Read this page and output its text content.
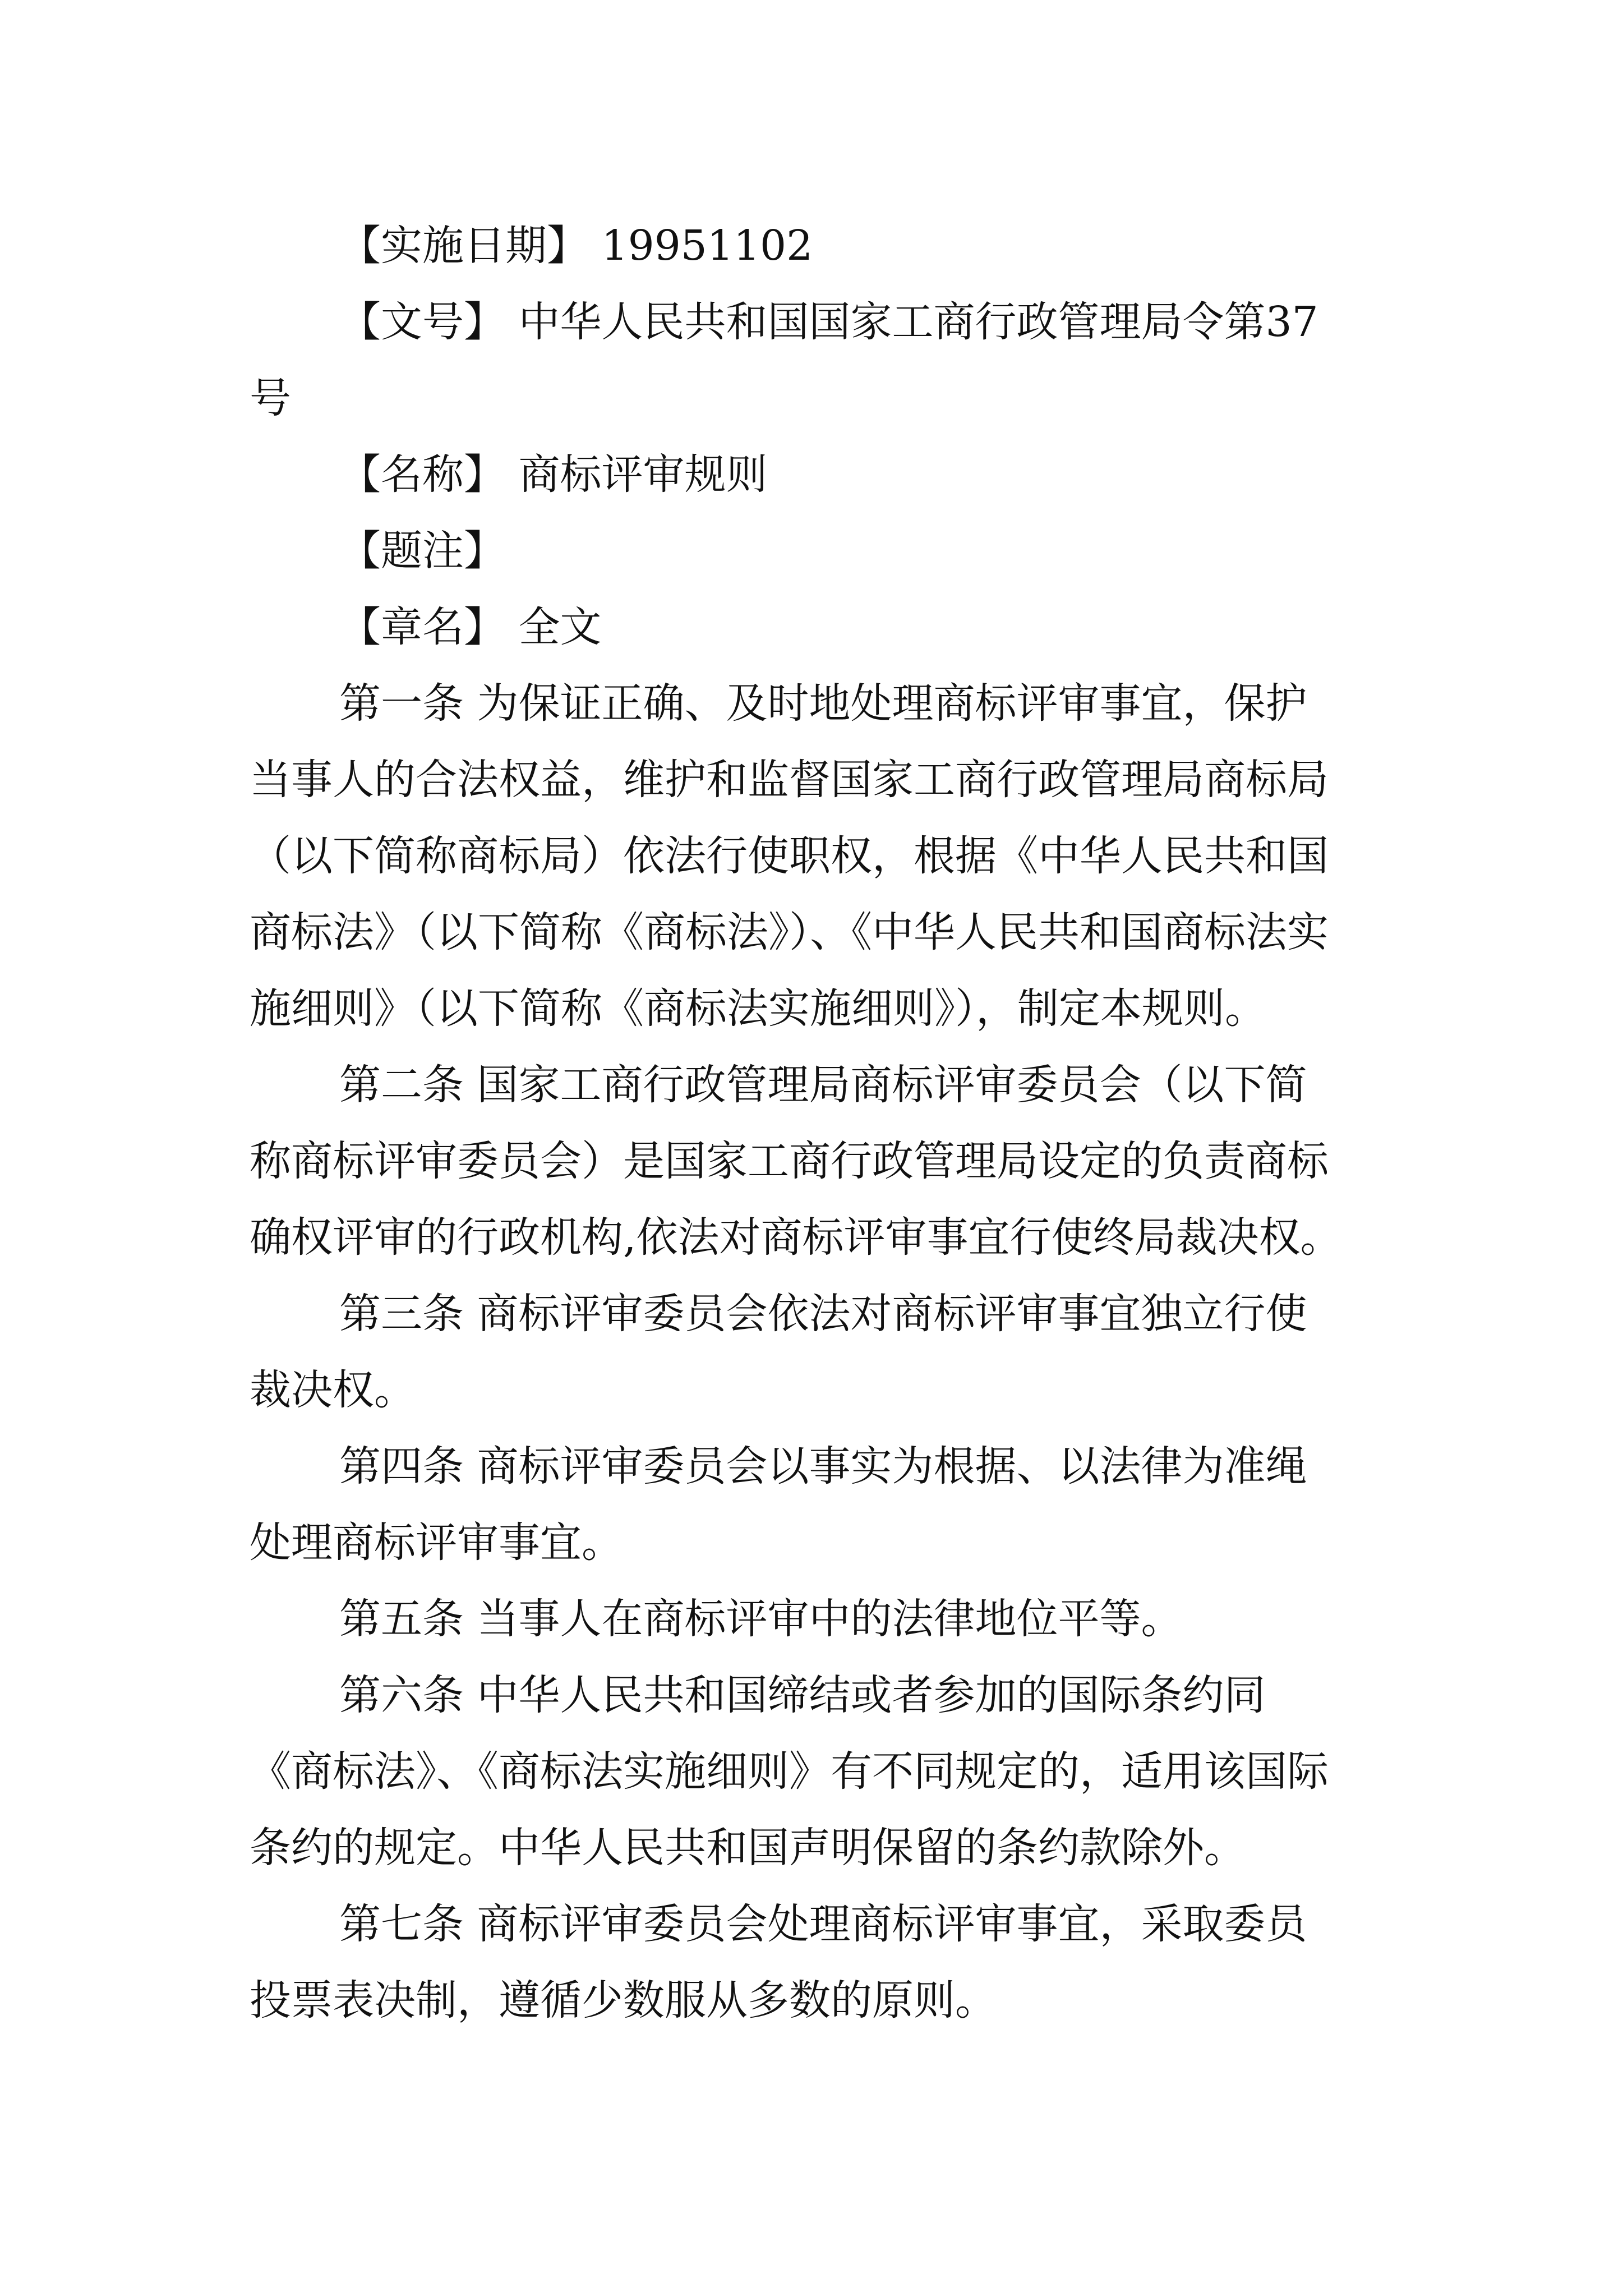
【实施日期】 19951102
【文号】 中华人民共和国国家工商行政管理局令第37
号
【名称】 商标评审规则
【题注】
【章名】 全文
第一条 为保证正确、及时地处理商标评审事宜，保护
当事人的合法权益，维护和监督国家工商行政管理局商标局
（以下简称商标局）依法行使职权，根据《中华人民共和国
商标法》（以下简称《商标法》）、《中华人民共和国商标法实
施细则》（以下简称《商标法实施细则》），制定本规则。
第二条 国家工商行政管理局商标评审委员会（以下简
称商标评审委员会）是国家工商行政管理局设定的负责商标
确权评审的行政机构,依法对商标评审事宜行使终局裁决权。
第三条 商标评审委员会依法对商标评审事宜独立行使
裁决权。
第四条 商标评审委员会以事实为根据、以法律为准绳
处理商标评审事宜。
第五条 当事人在商标评审中的法律地位平等。
第六条 中华人民共和国缔结或者参加的国际条约同
《商标法》、《商标法实施细则》有不同规定的，适用该国际
条约的规定。中华人民共和国声明保留的条约款除外。
第七条 商标评审委员会处理商标评审事宜，采取委员
投票表决制，遵循少数服从多数的原则。
